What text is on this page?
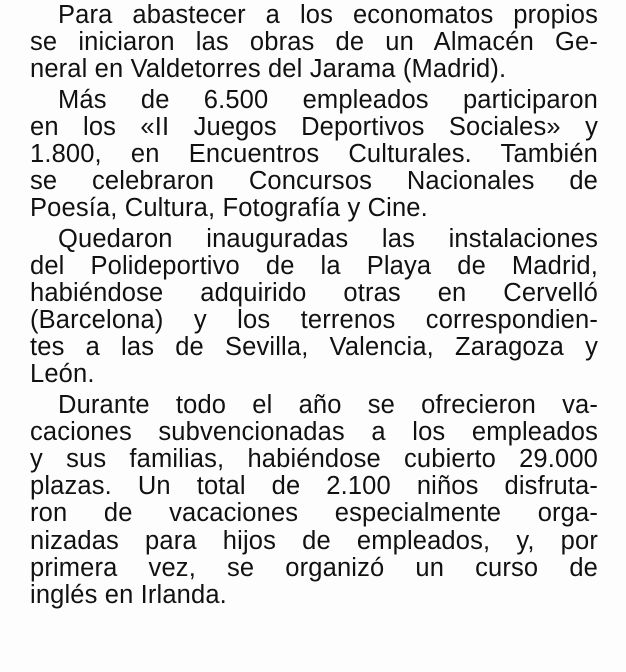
Para abastecer a los economatos propios
se iniciaron las obras de un Almacén Ge-
neral en Valdetorres del Jarama (Madrid).
Más de 6.500 empleados participaron
en los «II Juegos Deportivos Sociales» y
1.800, en Encuentros Culturales. También
se celebraron Concursos Nacionales de
Poesía, Cultura, Fotografía y Cine.
Quedaron inauguradas las instalaciones
del Polideportivo de la Playa de Madrid,
habiéndose adquirido otras en Cervelló
(Barcelona) y los terrenos correspondien-
tes a las de Sevilla, Valencia, Zaragoza y
León.
Durante todo el año se ofrecieron va-
caciones subvencionadas a los empleados
y sus familias, habiéndose cubierto 29.000
plazas. Un total de 2.100 niños disfruta-
ron de vacaciones especialmente orga-
nizadas para hijos de empleados, y, por
primera vez, se organizó un curso de
inglés en Irlanda.
